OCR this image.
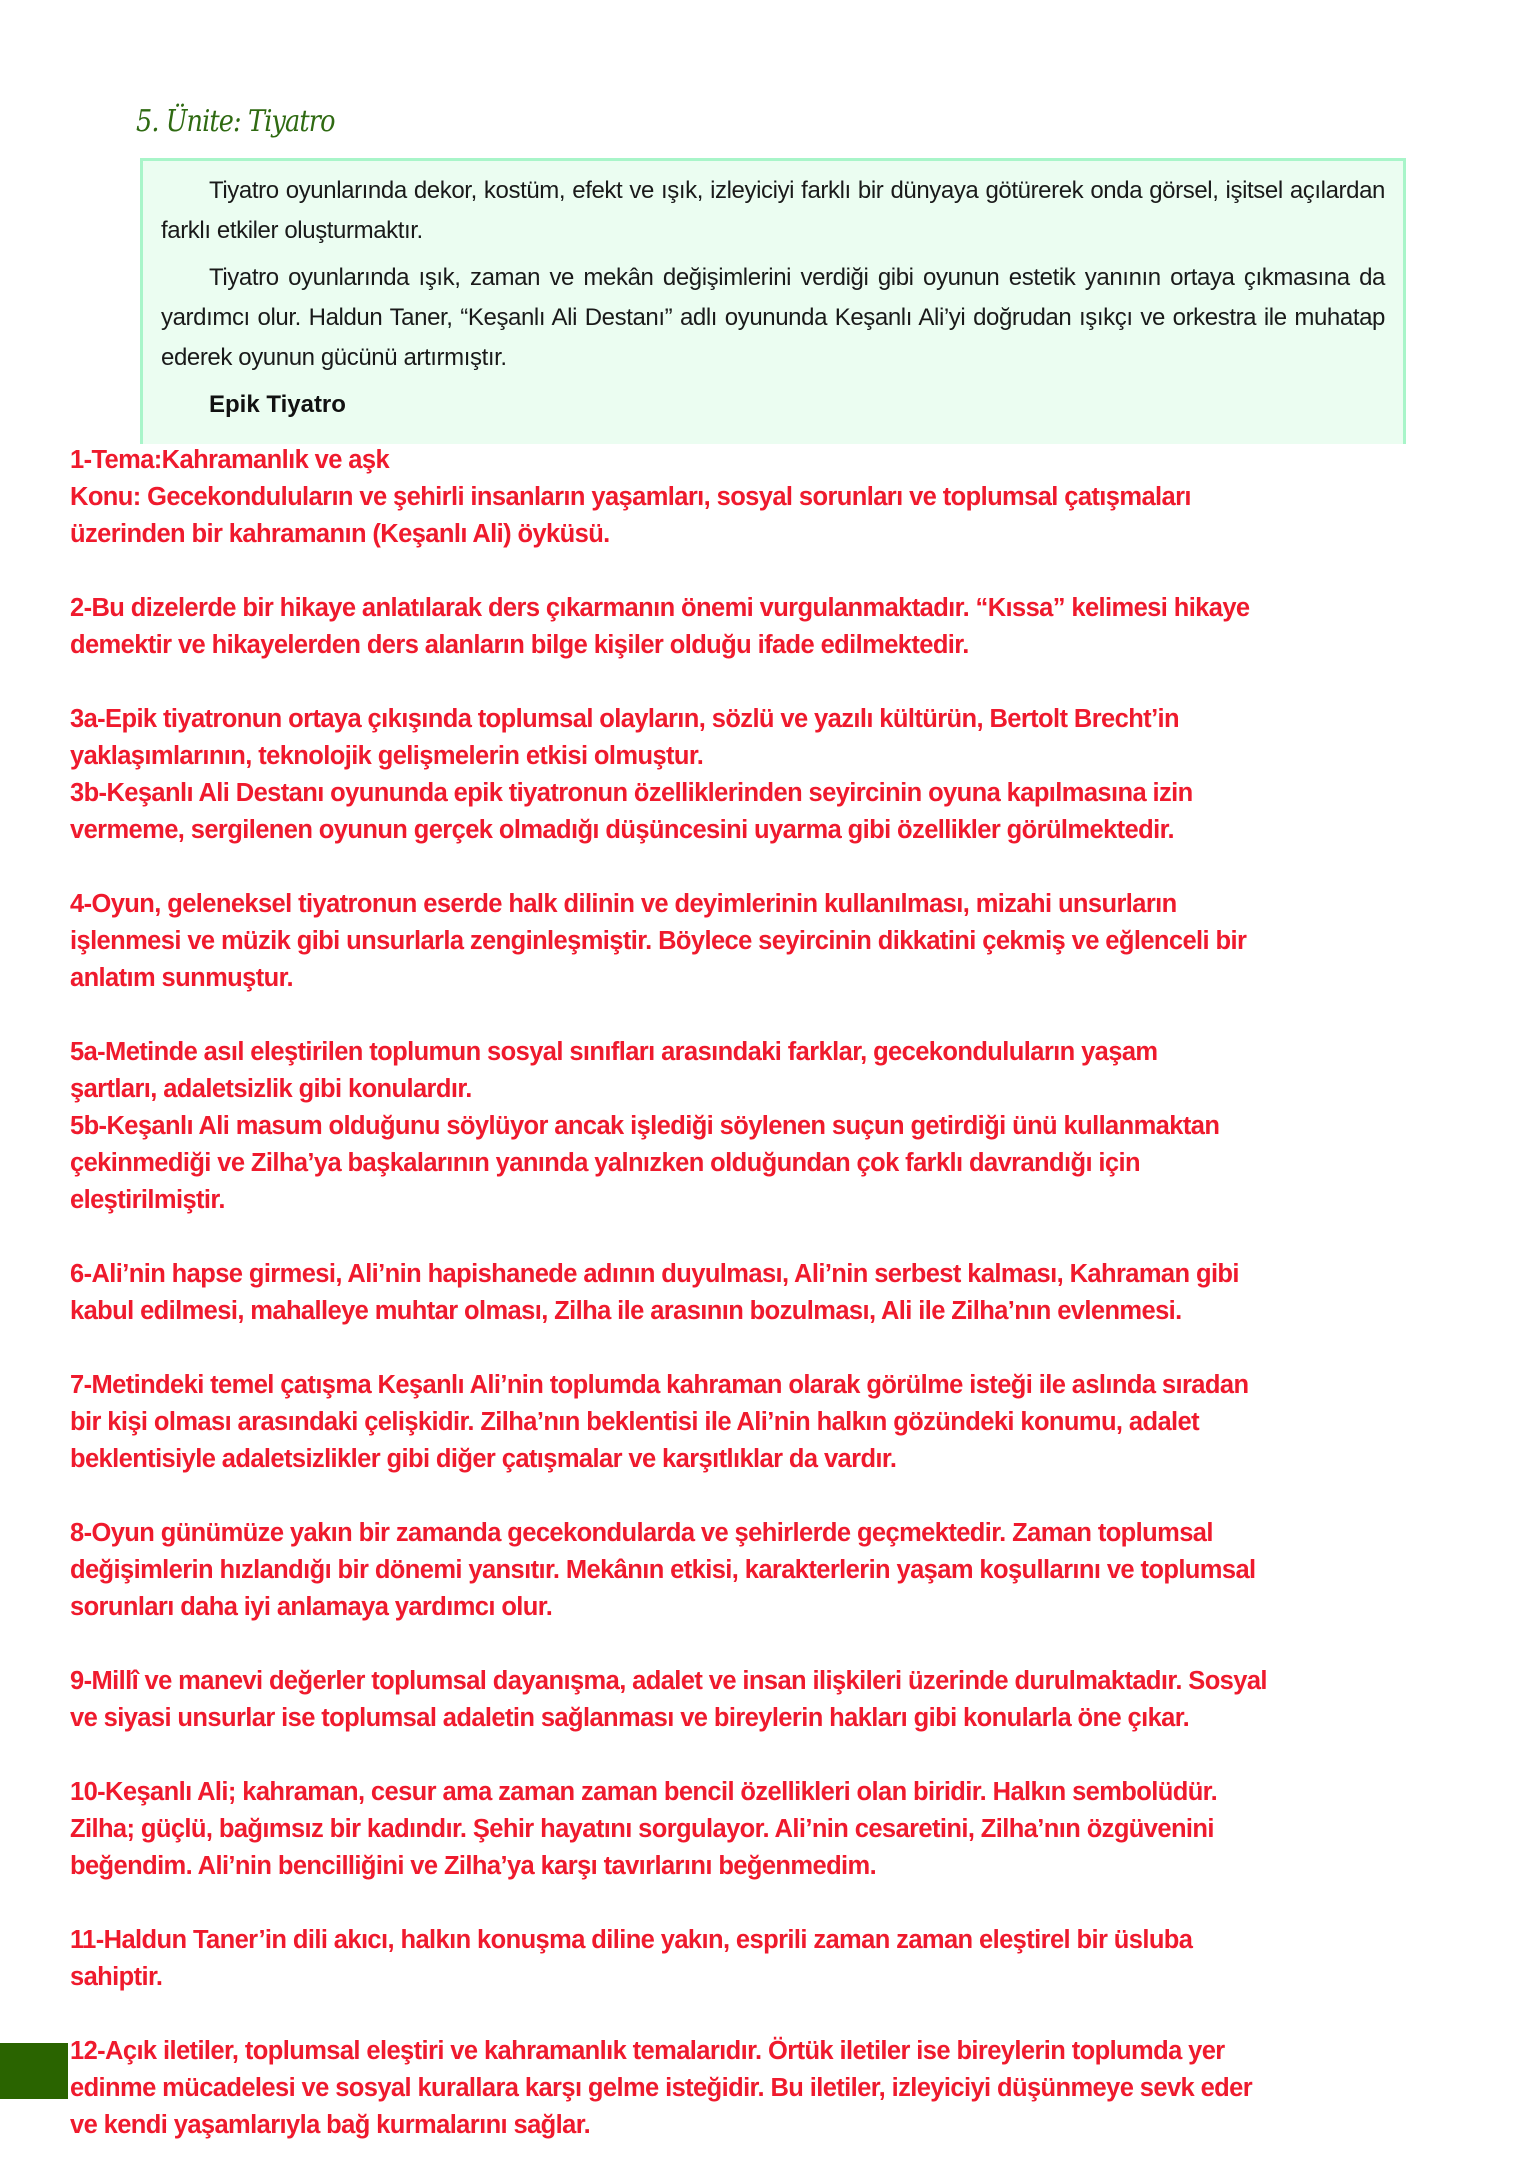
5. Ünite: Tiyatro

Tiyatro oyunlarında dekor, kostüm, efekt ve ışık, izleyiciyi farklı bir dünyaya götürerek onda görsel, işitsel açılardan farklı etkiler oluşturmaktır.

Tiyatro oyunlarında ışık, zaman ve mekân değişimlerini verdiği gibi oyunun estetik yanının ortaya çıkmasına da yardımcı olur. Haldun Taner, “Keşanlı Ali Destanı” adlı oyununda Keşanlı Ali’yi doğrudan ışıkçı ve orkestra ile muhatap ederek oyunun gücünü artırmıştır.

Epik Tiyatro
1-Tema:Kahramanlık ve aşk
Konu: Gecekonduluların ve şehirli insanların yaşamları, sosyal sorunları ve toplumsal çatışmaları
üzerinden bir kahramanın (Keşanlı Ali) öyküsü.
2-Bu dizelerde bir hikaye anlatılarak ders çıkarmanın önemi vurgulanmaktadır. “Kıssa” kelimesi hikaye
demektir ve hikayelerden ders alanların bilge kişiler olduğu ifade edilmektedir.
3a-Epik tiyatronun ortaya çıkışında toplumsal olayların, sözlü ve yazılı kültürün, Bertolt Brecht’in
yaklaşımlarının, teknolojik gelişmelerin etkisi olmuştur.
3b-Keşanlı Ali Destanı oyununda epik tiyatronun özelliklerinden seyircinin oyuna kapılmasına izin
vermeme, sergilenen oyunun gerçek olmadığı düşüncesini uyarma gibi özellikler görülmektedir.
4-Oyun, geleneksel tiyatronun eserde halk dilinin ve deyimlerinin kullanılması, mizahi unsurların
işlenmesi ve müzik gibi unsurlarla zenginleşmiştir. Böylece seyircinin dikkatini çekmiş ve eğlenceli bir
anlatım sunmuştur.
5a-Metinde asıl eleştirilen toplumun sosyal sınıfları arasındaki farklar, gecekonduluların yaşam
şartları, adaletsizlik gibi konulardır.
5b-Keşanlı Ali masum olduğunu söylüyor ancak işlediği söylenen suçun getirdiği ünü kullanmaktan
çekinmediği ve Zilha’ya başkalarının yanında yalnızken olduğundan çok farklı davrandığı için
eleştirilmiştir.
6-Ali’nin hapse girmesi, Ali’nin hapishanede adının duyulması, Ali’nin serbest kalması, Kahraman gibi
kabul edilmesi, mahalleye muhtar olması, Zilha ile arasının bozulması, Ali ile Zilha’nın evlenmesi.
7-Metindeki temel çatışma Keşanlı Ali’nin toplumda kahraman olarak görülme isteği ile aslında sıradan
bir kişi olması arasındaki çelişkidir. Zilha’nın beklentisi ile Ali’nin halkın gözündeki konumu, adalet
beklentisiyle adaletsizlikler gibi diğer çatışmalar ve karşıtlıklar da vardır.
8-Oyun günümüze yakın bir zamanda gecekondularda ve şehirlerde geçmektedir. Zaman toplumsal
değişimlerin hızlandığı bir dönemi yansıtır. Mekânın etkisi, karakterlerin yaşam koşullarını ve toplumsal
sorunları daha iyi anlamaya yardımcı olur.
9-Millî ve manevi değerler toplumsal dayanışma, adalet ve insan ilişkileri üzerinde durulmaktadır. Sosyal
ve siyasi unsurlar ise toplumsal adaletin sağlanması ve bireylerin hakları gibi konularla öne çıkar.
10-Keşanlı Ali; kahraman, cesur ama zaman zaman bencil özellikleri olan biridir. Halkın sembolüdür.
Zilha; güçlü, bağımsız bir kadındır. Şehir hayatını sorgulayor. Ali’nin cesaretini, Zilha’nın özgüvenini
beğendim. Ali’nin bencilliğini ve Zilha’ya karşı tavırlarını beğenmedim.
11-Haldun Taner’in dili akıcı, halkın konuşma diline yakın, esprili zaman zaman eleştirel bir üsluba
sahiptir.
12-Açık iletiler, toplumsal eleştiri ve kahramanlık temalarıdır. Örtük iletiler ise bireylerin toplumda yer
edinme mücadelesi ve sosyal kurallara karşı gelme isteğidir. Bu iletiler, izleyiciyi düşünmeye sevk eder
ve kendi yaşamlarıyla bağ kurmalarını sağlar.
